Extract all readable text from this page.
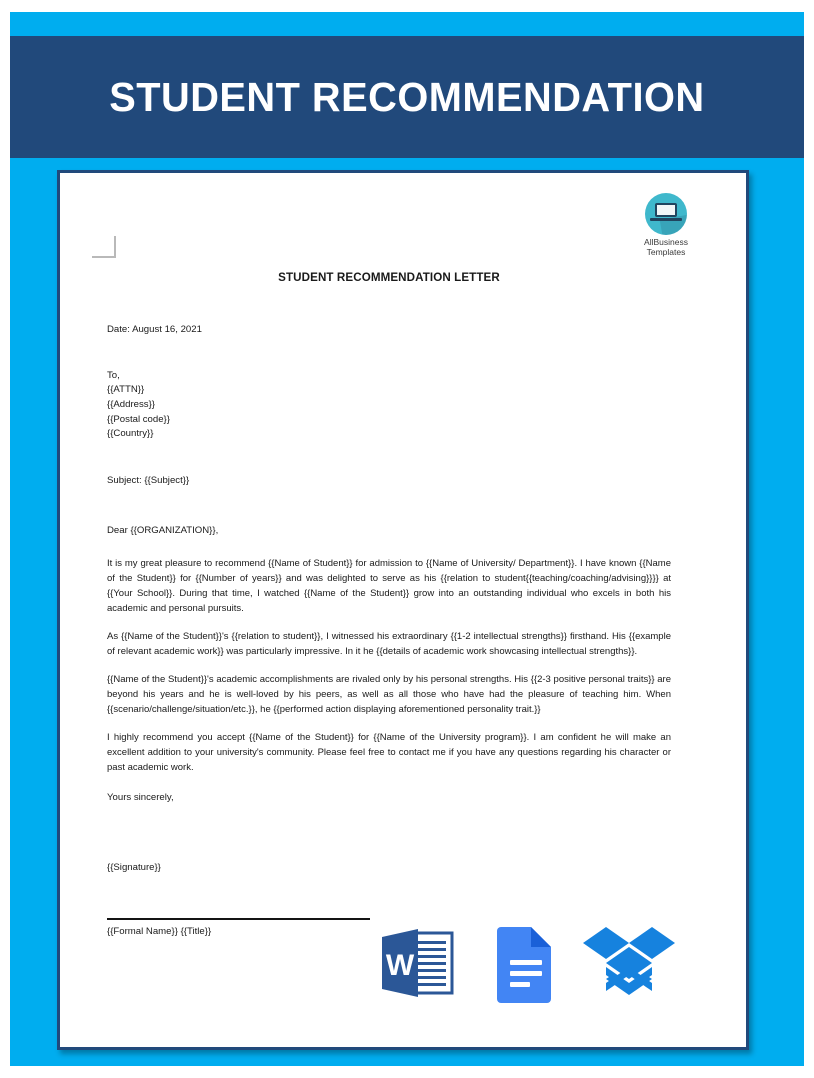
STUDENT RECOMMENDATION
AllBusiness
Templates
STUDENT RECOMMENDATION LETTER
Date: August 16, 2021
To,
{{ATTN}}
{{Address}}
{{Postal code}}
{{Country}}
Subject: {{Subject}}
Dear {{ORGANIZATION}},
It is my great pleasure to recommend {{Name of Student}} for admission to {{Name of University/ Department}}. I have known {{Name of the Student}} for {{Number of years}} and was delighted to serve as his {{relation to student{{teaching/coaching/advising}}}} at {{Your School}}. During that time, I watched {{Name of the Student}} grow into an outstanding individual who excels in both his academic and personal pursuits.
As {{Name of the Student}}'s {{relation to student}}, I witnessed his extraordinary {{1-2 intellectual strengths}} firsthand. His {{example of relevant academic work}} was particularly impressive. In it he {{details of academic work showcasing intellectual strengths}}.
{{Name of the Student}}'s academic accomplishments are rivaled only by his personal strengths. His {{2-3 positive personal traits}} are beyond his years and he is well-loved by his peers, as well as all those who have had the pleasure of teaching him. When {{scenario/challenge/situation/etc.}}, he {{performed action displaying aforementioned personality trait.}}
I highly recommend you accept {{Name of the Student}} for {{Name of the University program}}. I am confident he will make an excellent addition to your university's community. Please feel free to contact me if you have any questions regarding his character or past academic work.
Yours sincerely,
{{Signature}}
{{Formal Name}} {{Title}}
W
